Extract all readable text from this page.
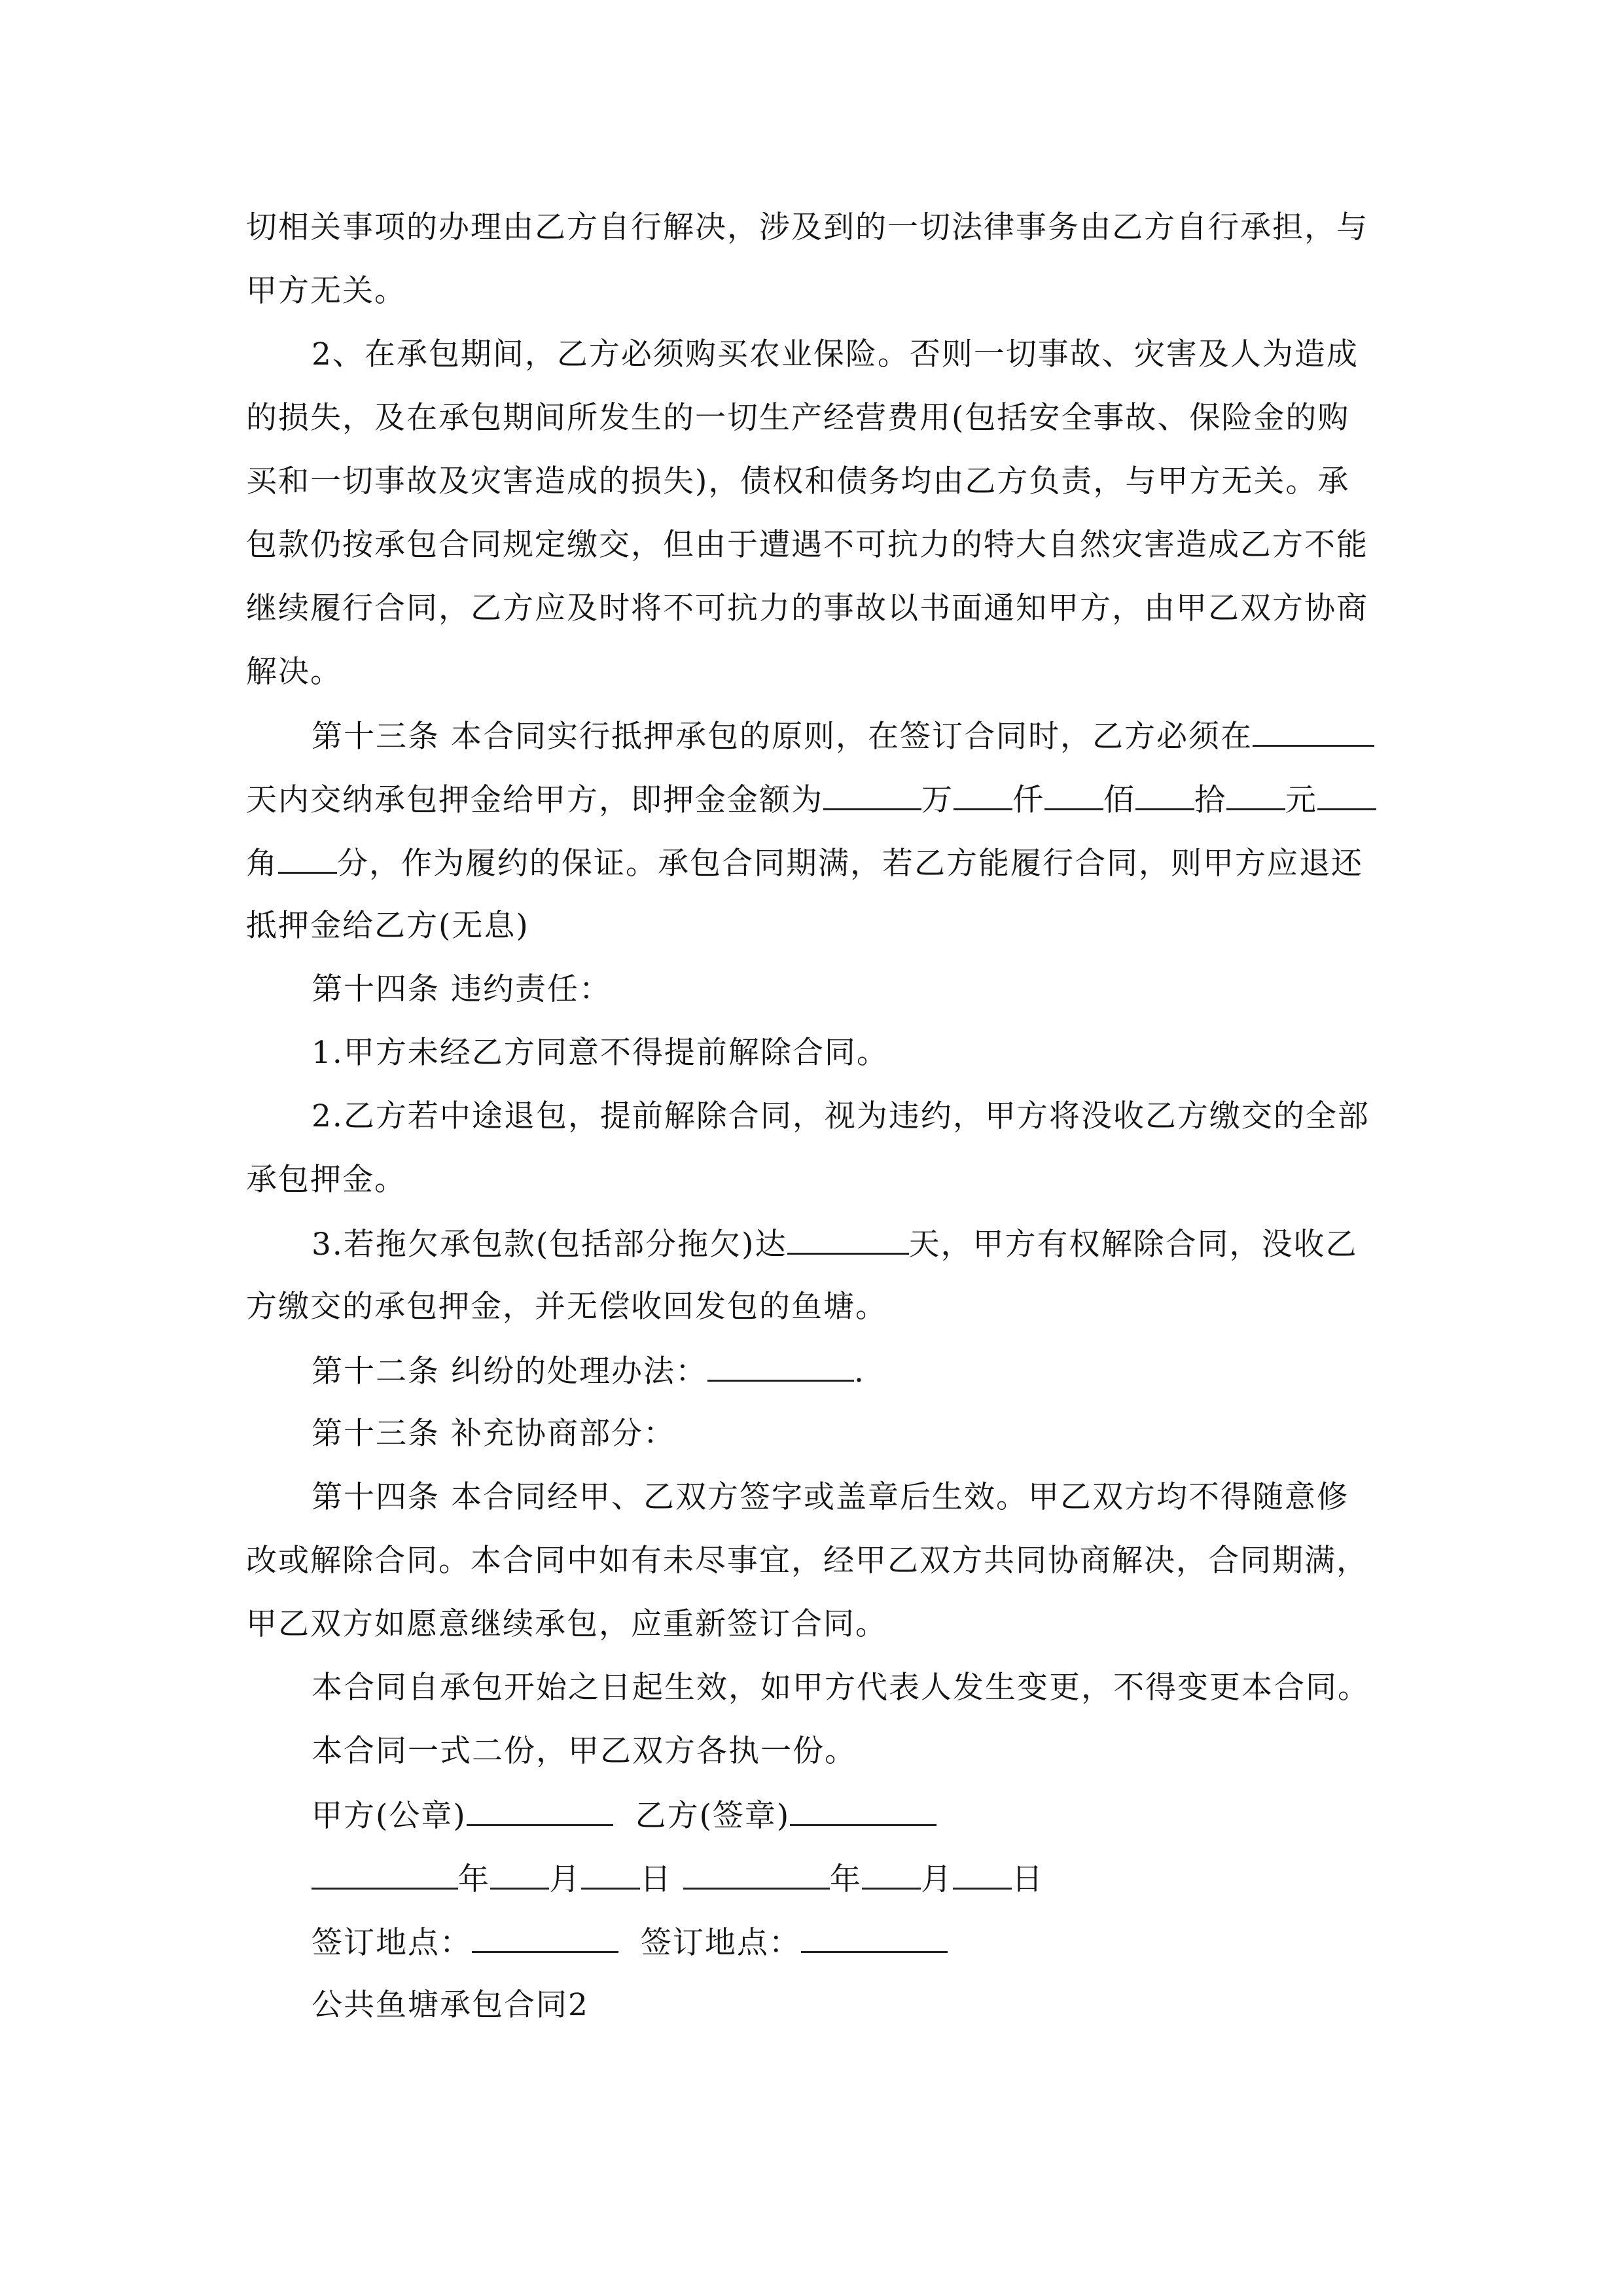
切相关事项的办理由乙方自行解决，涉及到的一切法律事务由乙方自行承担，与
甲方无关。
2、在承包期间，乙方必须购买农业保险。否则一切事故、灾害及人为造成
的损失，及在承包期间所发生的一切生产经营费用(包括安全事故、保险金的购
买和一切事故及灾害造成的损失)，债权和债务均由乙方负责，与甲方无关。承
包款仍按承包合同规定缴交，但由于遭遇不可抗力的特大自然灾害造成乙方不能
继续履行合同，乙方应及时将不可抗力的事故以书面通知甲方，由甲乙双方协商
解决。
第十三条 本合同实行抵押承包的原则，在签订合同时，乙方必须在
天内交纳承包押金给甲方，即押金金额为	万 仟 佰 拾 元
角 分，作为履约的保证。承包合同期满，若乙方能履行合同，则甲方应退还
抵押金给乙方(无息)
第十四条 违约责任：
1.甲方未经乙方同意不得提前解除合同。
2.乙方若中途退包，提前解除合同，视为违约，甲方将没收乙方缴交的全部
承包押金。
3.若拖欠承包款(包括部分拖欠)达	天，甲方有权解除合同，没收乙
方缴交的承包押金，并无偿收回发包的鱼塘。
第十二条 纠纷的处理办法：	.
第十三条 补充协商部分：
第十四条 本合同经甲、乙双方签字或盖章后生效。甲乙双方均不得随意修
改或解除合同。本合同中如有未尽事宜，经甲乙双方共同协商解决，合同期满，
甲乙双方如愿意继续承包，应重新签订合同。
本合同自承包开始之日起生效，如甲方代表人发生变更，不得变更本合同。
本合同一式二份，甲乙双方各执一份。
甲方(公章)	乙方(签章)
年 月 日	年 月 日
签订地点：	签订地点：
公共鱼塘承包合同2
